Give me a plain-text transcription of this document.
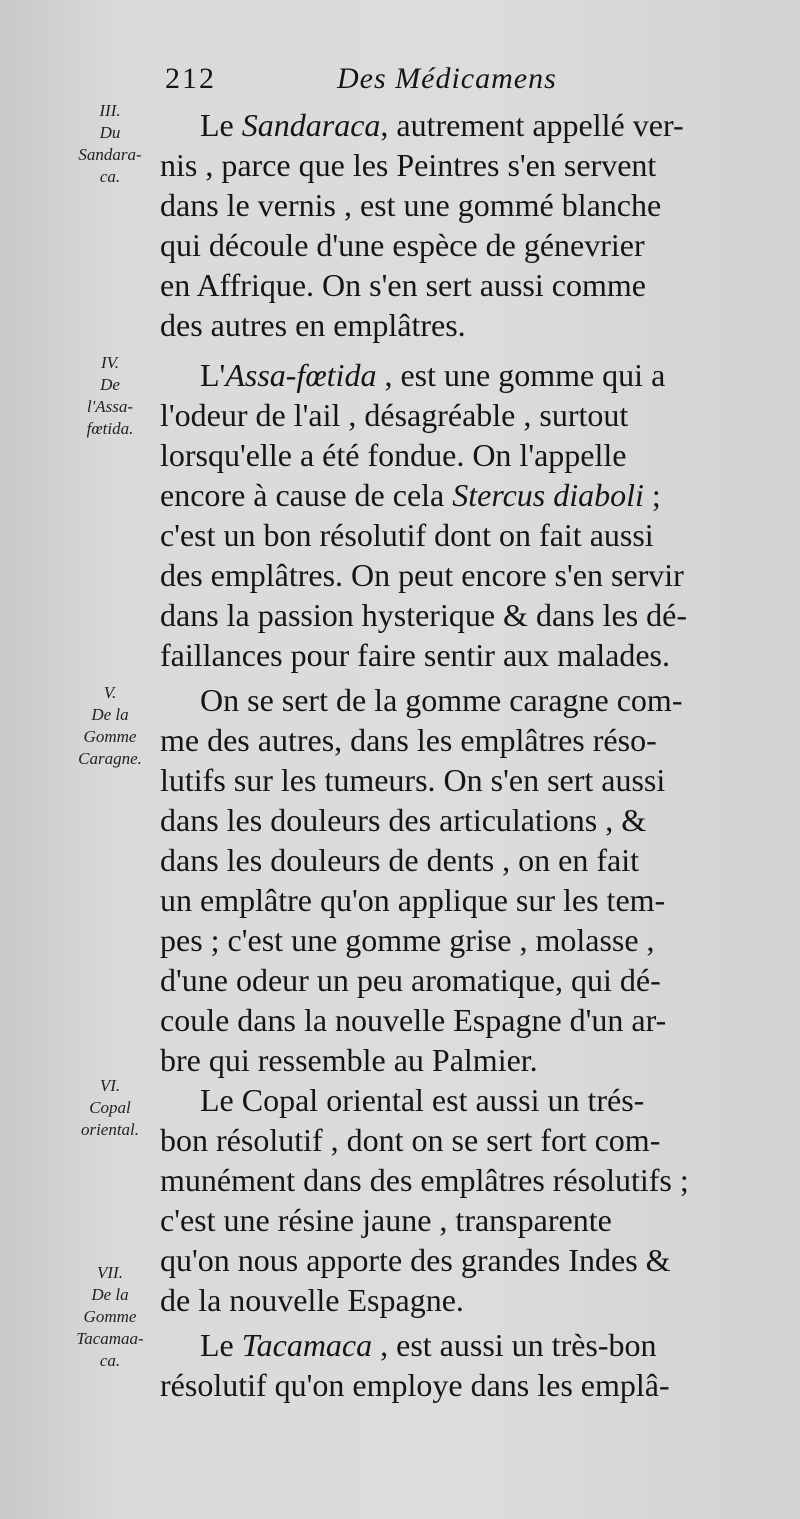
212	Des Médicamens
III.
Du
Sandara-
ca.
IV.
De
l'Assa-
fœtida.
V.
De la
Gomme
Caragne.
VI.
Copal
oriental.
VII.
De la
Gomme
Tacamaa-
ca.
Le Sandaraca, autrement appellé ver-
nis , parce que les Peintres s'en servent
dans le vernis , est une gommé blanche
qui découle d'une espèce de génevrier
en Affrique. On s'en sert aussi comme
des autres en emplâtres.
L'Assa-fœtida , est une gomme qui a
l'odeur de l'ail , désagréable , surtout
lorsqu'elle a été fondue. On l'appelle
encore à cause de cela Stercus diaboli ;
c'est un bon résolutif dont on fait aussi
des emplâtres. On peut encore s'en servir
dans la passion hysterique & dans les dé-
faillances pour faire sentir aux malades.
On se sert de la gomme caragne com-
me des autres, dans les emplâtres réso-
lutifs sur les tumeurs. On s'en sert aussi
dans les douleurs des articulations , &
dans les douleurs de dents , on en fait
un emplâtre qu'on applique sur les tem-
pes ; c'est une gomme grise , molasse ,
d'une odeur un peu aromatique, qui dé-
coule dans la nouvelle Espagne d'un ar-
bre qui ressemble au Palmier.
Le Copal oriental est aussi un trés-
bon résolutif , dont on se sert fort com-
munément dans des emplâtres résolutifs ;
c'est une résine jaune , transparente
qu'on nous apporte des grandes Indes &
de la nouvelle Espagne.
Le Tacamaca , est aussi un très-bon
résolutif qu'on employe dans les emplâ-
